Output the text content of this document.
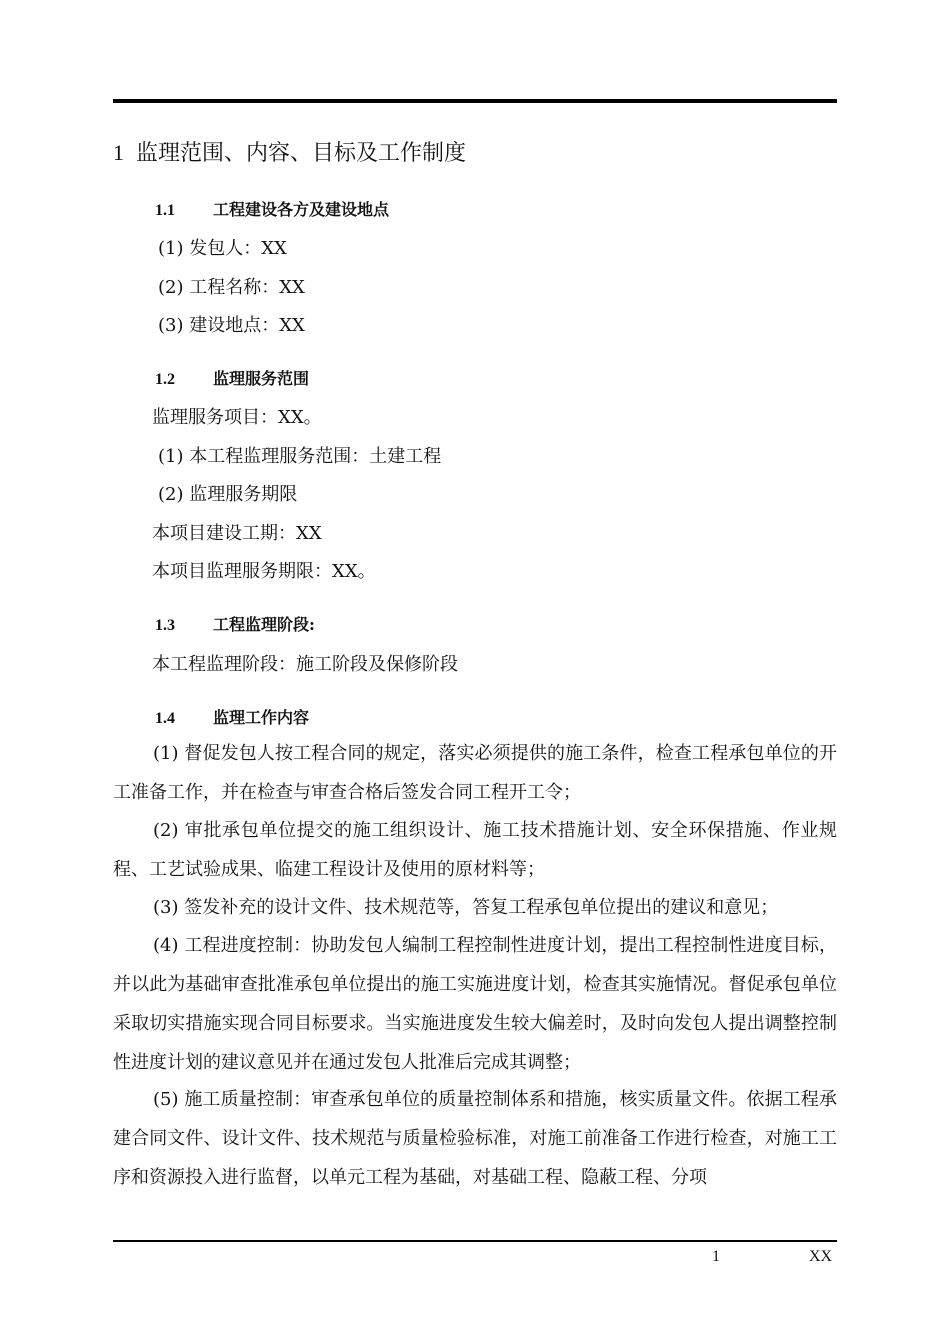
1 监理范围、内容、目标及工作制度
1.1 工程建设各方及建设地点
(1) 发包人：XX
(2) 工程名称：XX
(3) 建设地点：XX
1.2 监理服务范围
监理服务项目：XX。
(1) 本工程监理服务范围：土建工程
(2) 监理服务期限
本项目建设工期：XX
本项目监理服务期限：XX。
1.3 工程监理阶段:
本工程监理阶段：施工阶段及保修阶段
1.4 监理工作内容
(1) 督促发包人按工程合同的规定，落实必须提供的施工条件，检查工程承包单位的开工准备工作，并在检查与审查合格后签发合同工程开工令；
(2) 审批承包单位提交的施工组织设计、施工技术措施计划、安全环保措施、作业规程、工艺试验成果、临建工程设计及使用的原材料等；
(3) 签发补充的设计文件、技术规范等，答复工程承包单位提出的建议和意见；
(4) 工程进度控制：协助发包人编制工程控制性进度计划，提出工程控制性进度目标，并以此为基础审查批准承包单位提出的施工实施进度计划，检查其实施情况。督促承包单位采取切实措施实现合同目标要求。当实施进度发生较大偏差时，及时向发包人提出调整控制性进度计划的建议意见并在通过发包人批准后完成其调整；
(5) 施工质量控制：审查承包单位的质量控制体系和措施，核实质量文件。依据工程承建合同文件、设计文件、技术规范与质量检验标准，对施工前准备工作进行检查，对施工工序和资源投入进行监督，以单元工程为基础，对基础工程、隐蔽工程、分项
1	XX
